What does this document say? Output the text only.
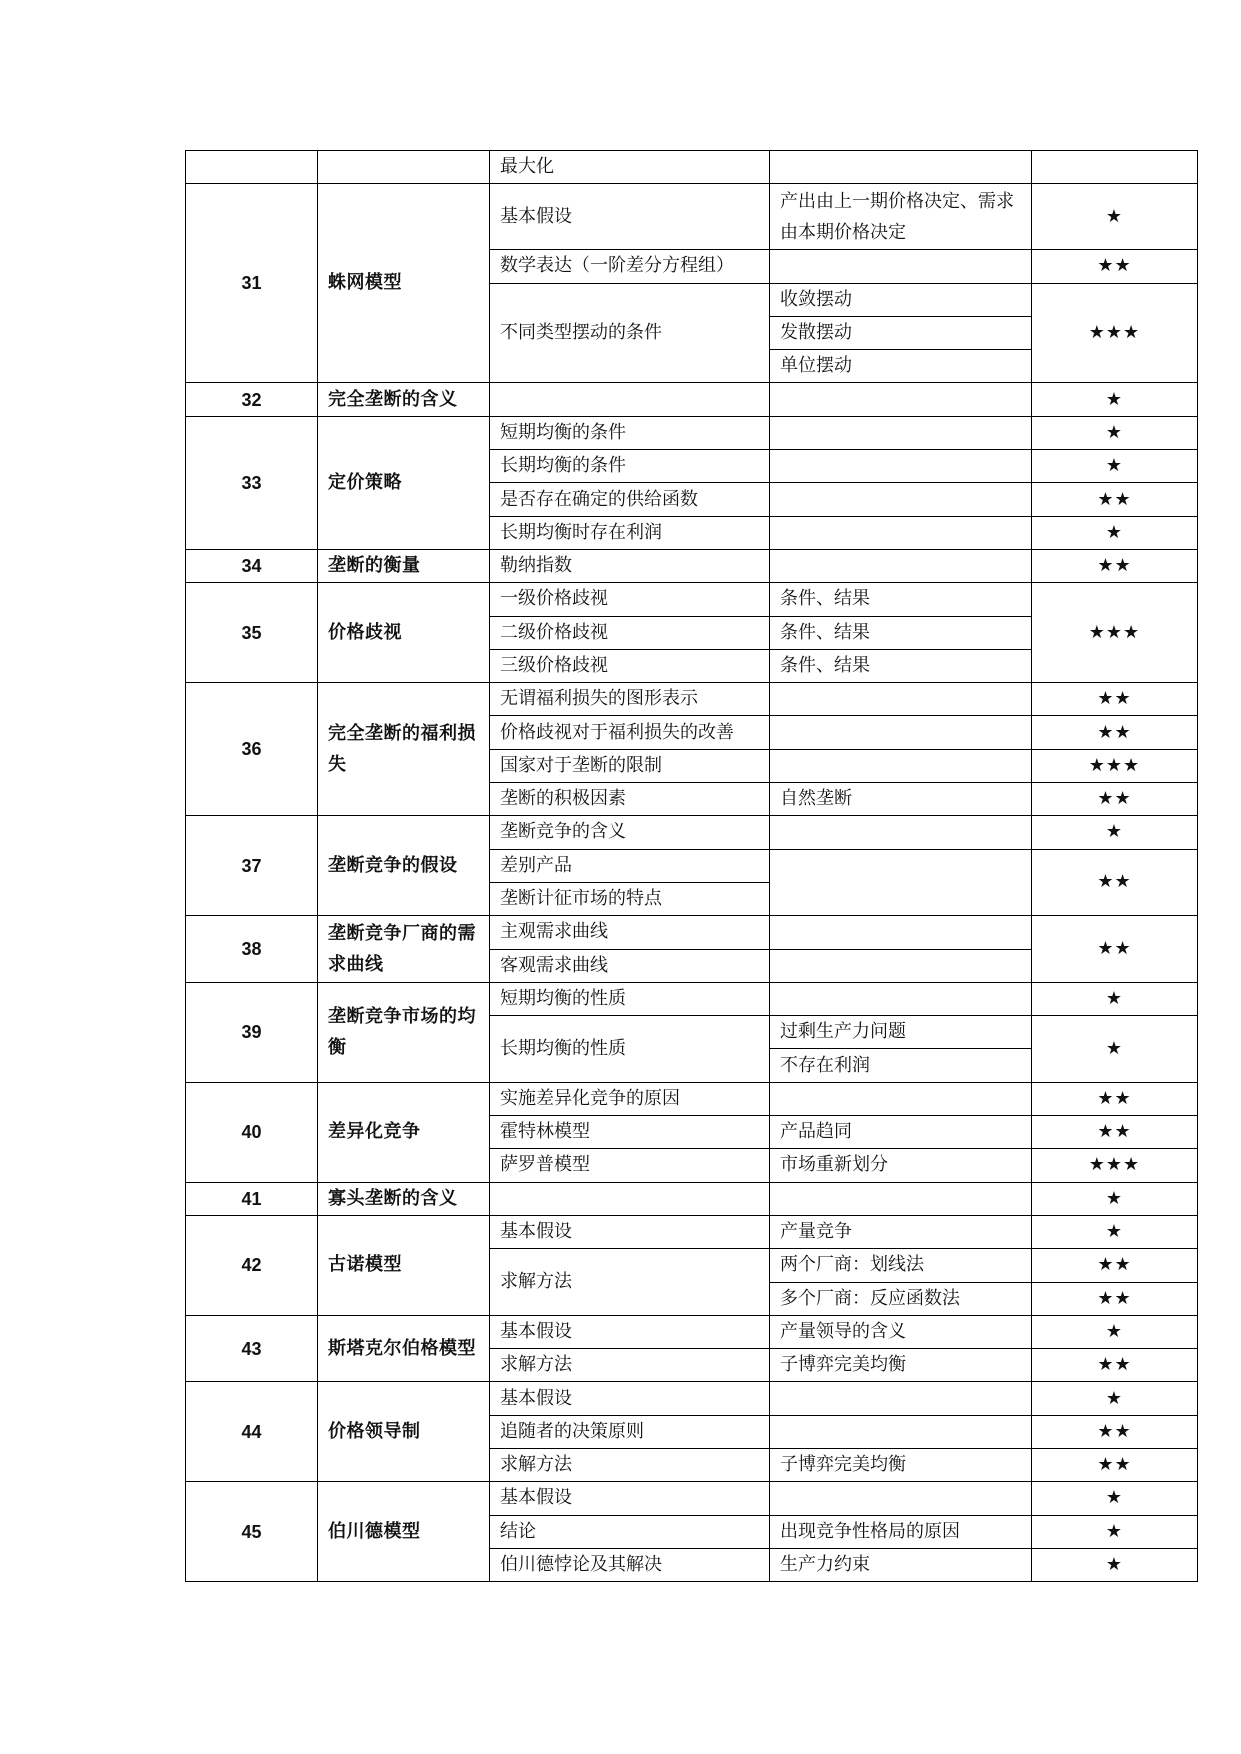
		最大化		
31	蛛网模型	基本假设	产出由上一期价格决定、需求由本期价格决定	★
		数学表达（一阶差分方程组）		★★
		不同类型摆动的条件	收敛摆动	★★★
			发散摆动	
			单位摆动	
32	完全垄断的含义			★
33	定价策略	短期均衡的条件		★
		长期均衡的条件		★
		是否存在确定的供给函数		★★
		长期均衡时存在利润		★
34	垄断的衡量	勒纳指数		★★
35	价格歧视	一级价格歧视	条件、结果	★★★
		二级价格歧视	条件、结果	
		三级价格歧视	条件、结果	
36	完全垄断的福利损失	无谓福利损失的图形表示		★★
		价格歧视对于福利损失的改善		★★
		国家对于垄断的限制		★★★
		垄断的积极因素	自然垄断	★★
37	垄断竞争的假设	垄断竞争的含义		★
		差别产品		★★
		垄断计征市场的特点		
38	垄断竞争厂商的需求曲线	主观需求曲线		★★
		客观需求曲线		
39	垄断竞争市场的均衡	短期均衡的性质		★
		长期均衡的性质	过剩生产力问题	★
			不存在利润	
40	差异化竞争	实施差异化竞争的原因		★★
		霍特林模型	产品趋同	★★
		萨罗普模型	市场重新划分	★★★
41	寡头垄断的含义			★
42	古诺模型	基本假设	产量竞争	★
		求解方法	两个厂商：划线法	★★
			多个厂商：反应函数法	★★
43	斯塔克尔伯格模型	基本假设	产量领导的含义	★
		求解方法	子博弈完美均衡	★★
44	价格领导制	基本假设		★
		追随者的决策原则		★★
		求解方法	子博弈完美均衡	★★
45	伯川德模型	基本假设		★
		结论	出现竞争性格局的原因	★
		伯川德悖论及其解决	生产力约束	★
